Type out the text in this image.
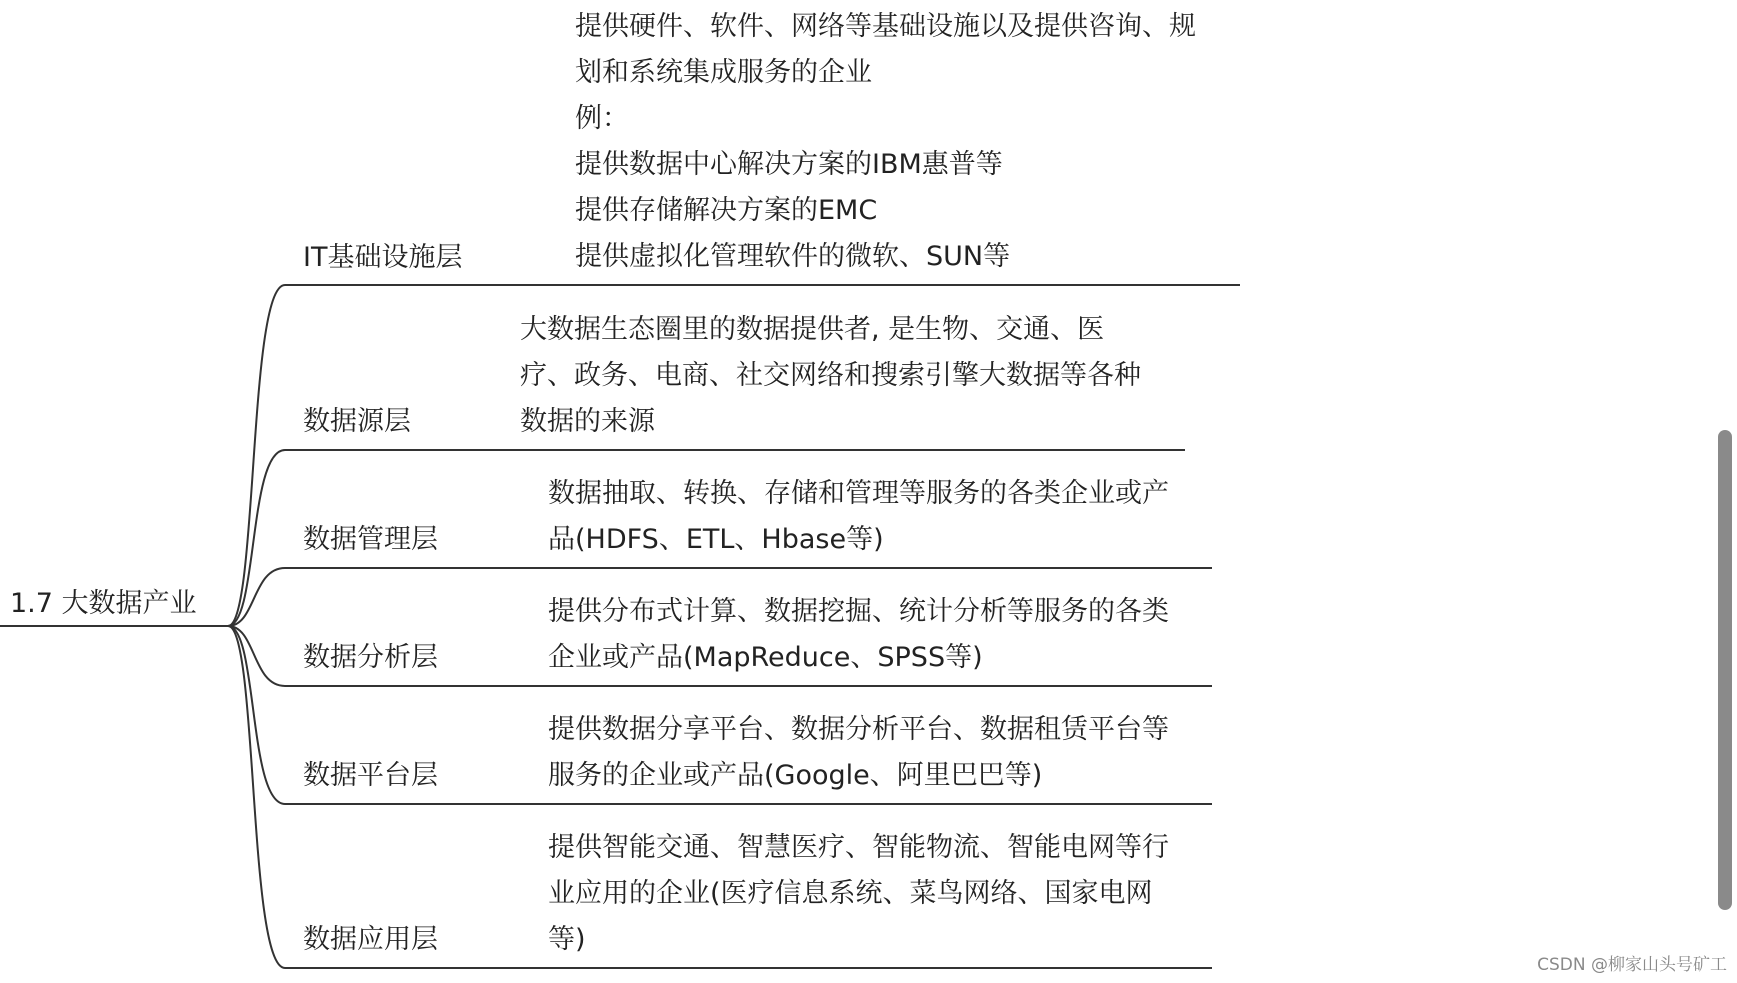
1.7 大数据产业
IT基础设施层
提供硬件、软件、网络等基础设施以及提供咨询、规
划和系统集成服务的企业
例：
提供数据中心解决方案的IBM惠普等
提供存储解决方案的EMC
提供虚拟化管理软件的微软、SUN等
数据源层
大数据生态圈里的数据提供者, 是生物、交通、医
疗、政务、电商、社交网络和搜索引擎大数据等各种
数据的来源
数据管理层
数据抽取、转换、存储和管理等服务的各类企业或产
品(HDFS、ETL、Hbase等)
数据分析层
提供分布式计算、数据挖掘、统计分析等服务的各类
企业或产品(MapReduce、SPSS等)
数据平台层
提供数据分享平台、数据分析平台、数据租赁平台等
服务的企业或产品(Google、阿里巴巴等)
数据应用层
提供智能交通、智慧医疗、智能物流、智能电网等行
业应用的企业(医疗信息系统、菜鸟网络、国家电网
等)
CSDN @柳家山头号矿工
